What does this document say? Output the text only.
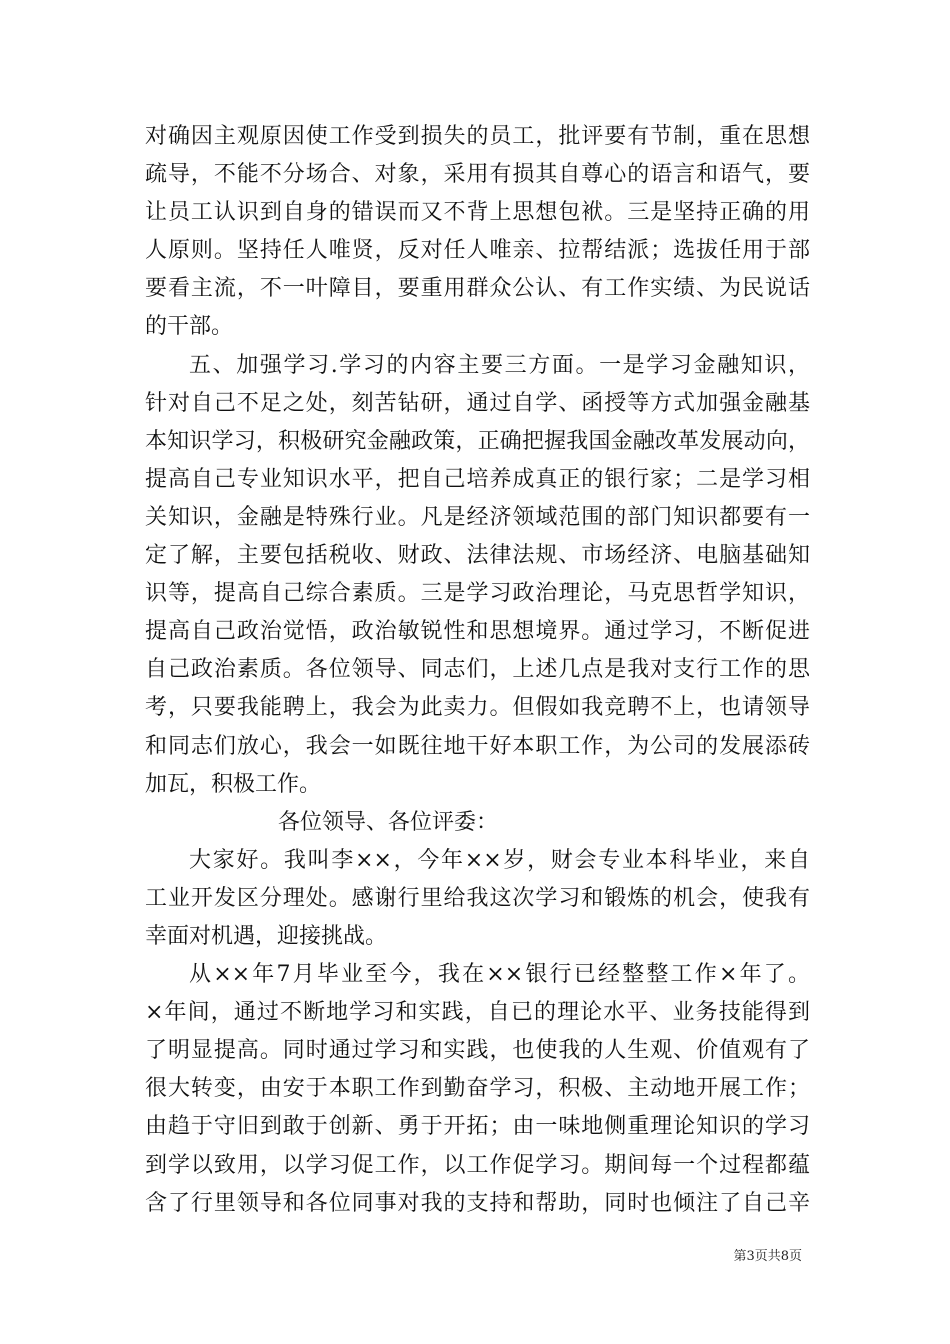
对确因主观原因使工作受到损失的员工，批评要有节制，重在思想
疏导，不能不分场合、对象，采用有损其自尊心的语言和语气，要
让员工认识到自身的错误而又不背上思想包袱。三是坚持正确的用
人原则。坚持任人唯贤，反对任人唯亲、拉帮结派；选拔任用于部
要看主流，不一叶障目，要重用群众公认、有工作实绩、为民说话
的干部。
五、加强学习.学习的内容主要三方面。一是学习金融知识，
针对自己不足之处，刻苦钻研，通过自学、函授等方式加强金融基
本知识学习，积极研究金融政策，正确把握我国金融改革发展动向，
提高自己专业知识水平，把自己培养成真正的银行家；二是学习相
关知识，金融是特殊行业。凡是经济领域范围的部门知识都要有一
定了解，主要包括税收、财政、法律法规、市场经济、电脑基础知
识等，提高自己综合素质。三是学习政治理论，马克思哲学知识，
提高自己政治觉悟，政治敏锐性和思想境界。通过学习，不断促进
自己政治素质。各位领导、同志们，上述几点是我对支行工作的思
考，只要我能聘上，我会为此卖力。但假如我竞聘不上，也请领导
和同志们放心，我会一如既往地干好本职工作，为公司的发展添砖
加瓦，积极工作。
各位领导、各位评委：
大家好。我叫李××，今年××岁，财会专业本科毕业，来自
工业开发区分理处。感谢行里给我这次学习和锻炼的机会，使我有
幸面对机遇，迎接挑战。
从××年7月毕业至今，我在××银行已经整整工作×年了。
×年间，通过不断地学习和实践，自已的理论水平、业务技能得到
了明显提高。同时通过学习和实践，也使我的人生观、价值观有了
很大转变，由安于本职工作到勤奋学习，积极、主动地开展工作；
由趋于守旧到敢于创新、勇于开拓；由一味地侧重理论知识的学习
到学以致用，以学习促工作，以工作促学习。期间每一个过程都蕴
含了行里领导和各位同事对我的支持和帮助，同时也倾注了自己辛
第3页共8页
